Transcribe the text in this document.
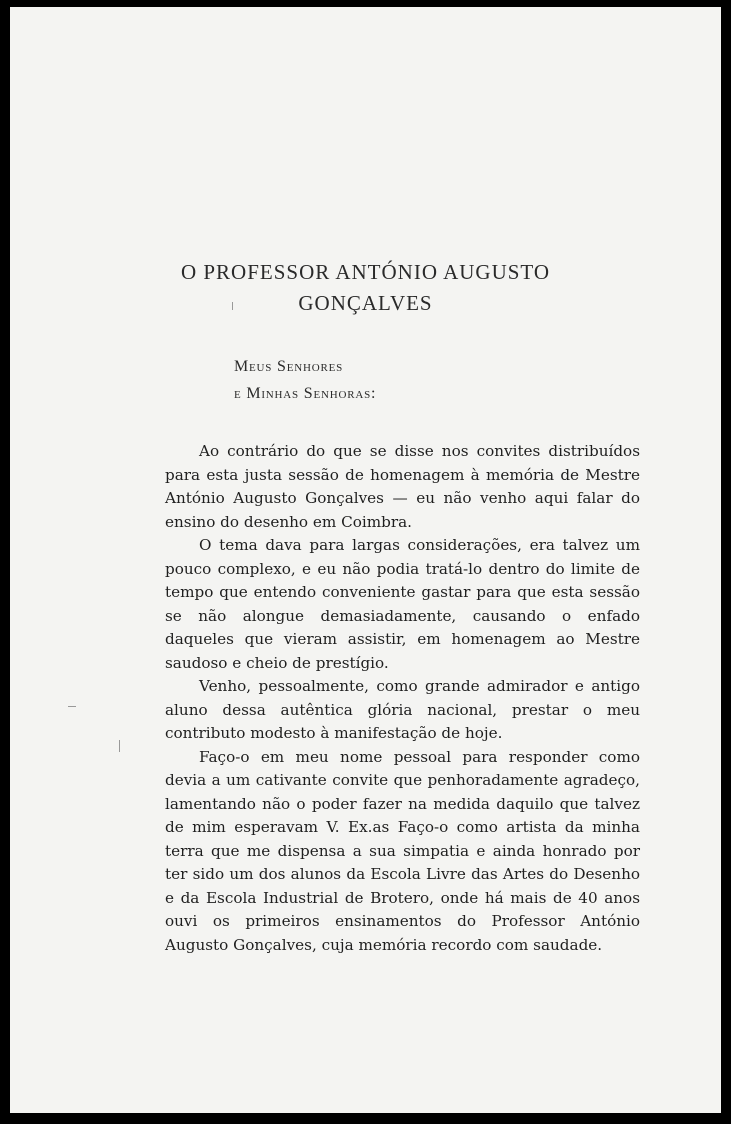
O PROFESSOR ANTÓNIO AUGUSTO
GONÇALVES
Meus Senhores
e Minhas Senhoras:

Ao contrário do que se disse nos convites distribuídos para esta justa sessão de homenagem à memória de Mestre António Augusto Gonçalves — eu não venho aqui falar do ensino do desenho em Coimbra.

O tema dava para largas considerações, era talvez um pouco complexo, e eu não podia tratá-lo dentro do limite de tempo que entendo conveniente gastar para que esta sessão se não alongue demasiadamente, causando o enfado daqueles que vieram assistir, em homenagem ao Mestre saudoso e cheio de prestígio.

Venho, pessoalmente, como grande admirador e antigo aluno dessa autêntica glória nacional, prestar o meu contributo modesto à manifestação de hoje.

Faço-o em meu nome pessoal para responder como devia a um cativante convite que penhoradamente agradeço, lamentando não o poder fazer na medida daquilo que talvez de mim esperavam V. Ex.as Faço-o como artista da minha terra que me dispensa a sua simpatia e ainda honrado por ter sido um dos alunos da Escola Livre das Artes do Desenho e da Escola Industrial de Brotero, onde há mais de 40 anos ouvi os primeiros ensinamentos do Professor António Augusto Gonçalves, cuja memória recordo com saudade.
